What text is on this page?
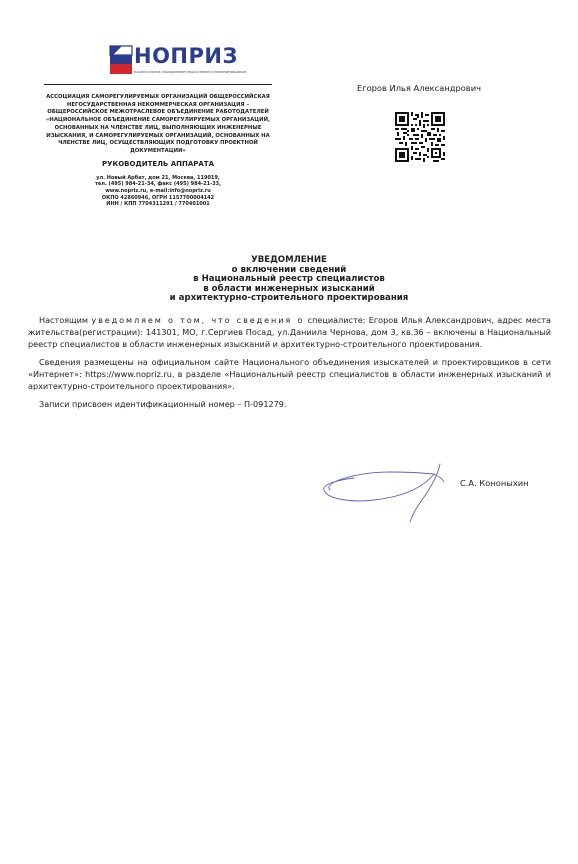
НОПРИЗ
НАЦИОНАЛЬНОЕ ОБЪЕДИНЕНИЕ ИЗЫСКАТЕЛЕЙ И ПРОЕКТИРОВЩИКОВ

АССОЦИАЦИЯ САМОРЕГУЛИРУЕМЫХ ОРГАНИЗАЦИЙ ОБЩЕРОССИЙСКАЯ НЕГОСУДАРСТВЕННАЯ НЕКОММЕРЧЕСКАЯ ОРГАНИЗАЦИЯ – ОБЩЕРОССИЙСКОЕ МЕЖОТРАСЛЕВОЕ ОБЪЕДИНЕНИЕ РАБОТОДАТЕЛЕЙ «НАЦИОНАЛЬНОЕ ОБЪЕДИНЕНИЕ САМОРЕГУЛИРУЕМЫХ ОРГАНИЗАЦИЙ, ОСНОВАННЫХ НА ЧЛЕНСТВЕ ЛИЦ, ВЫПОЛНЯЮЩИХ ИНЖЕНЕРНЫЕ ИЗЫСКАНИЯ, И САМОРЕГУЛИРУЕМЫХ ОРГАНИЗАЦИЙ, ОСНОВАННЫХ НА ЧЛЕНСТВЕ ЛИЦ, ОСУЩЕСТВЛЯЮЩИХ ПОДГОТОВКУ ПРОЕКТНОЙ ДОКУМЕНТАЦИИ»

РУКОВОДИТЕЛЬ АППАРАТА

ул. Новый Арбат, дом 21, Москва, 119019,
тел. (495) 984-21-34, факс (495) 984-21-33,
www.nopriz.ru, e-mail:info@nopriz.ru
ОКПО 42860946, ОГРН 1157700004142
ИНН / КПП 7704311291 / 770401001
Егоров Илья Александрович
УВЕДОМЛЕНИЕ
о включении сведений
в Национальный реестр специалистов
в области инженерных изысканий
и архитектурно-строительного проектирования

Настоящим уведомляем о том, что сведения о специалисте: Егоров Илья Александрович, адрес места жительства(регистрации): 141301, МО, г.Сергиев Посад, ул.Даниила Чернова, дом 3, кв.36 – включены в Национальный реестр специалистов в области инженерных изысканий и архитектурно-строительного проектирования.

Сведения размещены на официальном сайте Национального объединения изыскателей и проектировщиков в сети «Интернет»: https://www.nopriz.ru, в разделе «Национальный реестр специалистов в области инженерных изысканий и архитектурно-строительного проектирования».

Записи присвоен идентификационный номер – П-091279.

С.А. Кононыхин
